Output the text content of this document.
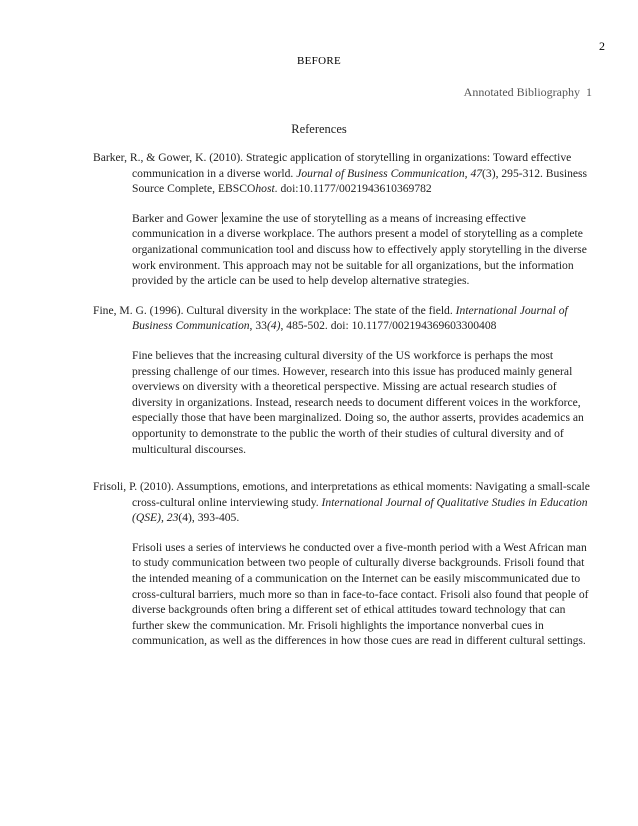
2
BEFORE
Annotated Bibliography 1
References

Barker, R., & Gower, K. (2010). Strategic application of storytelling in organizations: Toward effective communication in a diverse world. Journal of Business Communication, 47(3), 295-312. Business Source Complete, EBSCOhost. doi:10.1177/0021943610369782

Barker and Gower examine the use of storytelling as a means of increasing effective communication in a diverse workplace. The authors present a model of storytelling as a complete organizational communication tool and discuss how to effectively apply storytelling in the diverse work environment. This approach may not be suitable for all organizations, but the information provided by the article can be used to help develop alternative strategies.

Fine, M. G. (1996). Cultural diversity in the workplace: The state of the field. International Journal of Business Communication, 33(4), 485-502. doi: 10.1177/002194369603300408

Fine believes that the increasing cultural diversity of the US workforce is perhaps the most pressing challenge of our times. However, research into this issue has produced mainly general overviews on diversity with a theoretical perspective. Missing are actual research studies of diversity in organizations. Instead, research needs to document different voices in the workforce, especially those that have been marginalized. Doing so, the author asserts, provides academics an opportunity to demonstrate to the public the worth of their studies of cultural diversity and of multicultural discourses.

Frisoli, P. (2010). Assumptions, emotions, and interpretations as ethical moments: Navigating a small-scale cross-cultural online interviewing study. International Journal of Qualitative Studies in Education (QSE), 23(4), 393-405.

Frisoli uses a series of interviews he conducted over a five-month period with a West African man to study communication between two people of culturally diverse backgrounds. Frisoli found that the intended meaning of a communication on the Internet can be easily miscommunicated due to cross-cultural barriers, much more so than in face-to-face contact. Frisoli also found that people of diverse backgrounds often bring a different set of ethical attitudes toward technology that can further skew the communication. Mr. Frisoli highlights the importance nonverbal cues in communication, as well as the differences in how those cues are read in different cultural settings.
